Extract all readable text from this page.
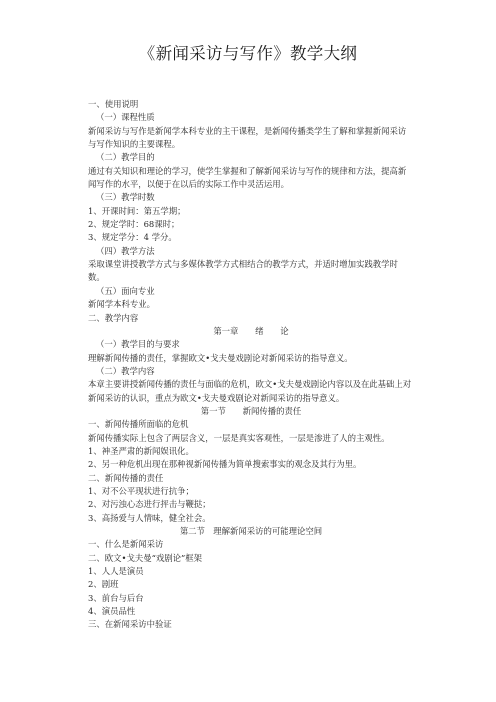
《新闻采访与写作》教学大纲
一、使用说明
（一）课程性质
新闻采访与写作是新闻学本科专业的主干课程，是新闻传播类学生了解和掌握新闻采访与写作知识的主要课程。
（二）教学目的
通过有关知识和理论的学习，使学生掌握和了解新闻采访与写作的规律和方法，提高新闻写作的水平，以便于在以后的实际工作中灵活运用。
（三）教学时数
1、开课时间：第五学期；
2、规定学时：68课时；
3、规定学分：4 学分。
（四）教学方法
采取课堂讲授教学方式与多媒体教学方式相结合的教学方式，并适时增加实践教学时数。
（五）面向专业
新闻学本科专业。
二、教学内容
第一章　　绪　　论
（一）教学目的与要求
理解新闻传播的责任，掌握欧文•戈夫曼戏剧论对新闻采访的指导意义。
（二）教学内容
本章主要讲授新闻传播的责任与面临的危机，欧文•戈夫曼戏剧论内容以及在此基础上对新闻采访的认识，重点为欧文•戈夫曼戏剧论对新闻采访的指导意义。
第一节　　新闻传播的责任
一、新闻传播所面临的危机
新闻传播实际上包含了两层含义，一层是真实客观性，一层是渗进了人的主观性。
1、神圣严肃的新闻娱讯化。
2、另一种危机出现在那种视新闻传播为简单搜索事实的观念及其行为里。
二、新闻传播的责任
1、对不公平现状进行抗争；
2、对污浊心态进行抨击与鞭挞；
3、高扬爱与人情味，健全社会。
第二节　理解新闻采访的可能理论空间
一、什么是新闻采访
二、欧文•戈夫曼“戏剧论”框架
1、人人是演员
2、剧班
3、前台与后台
4、演员品性
三、在新闻采访中验证
